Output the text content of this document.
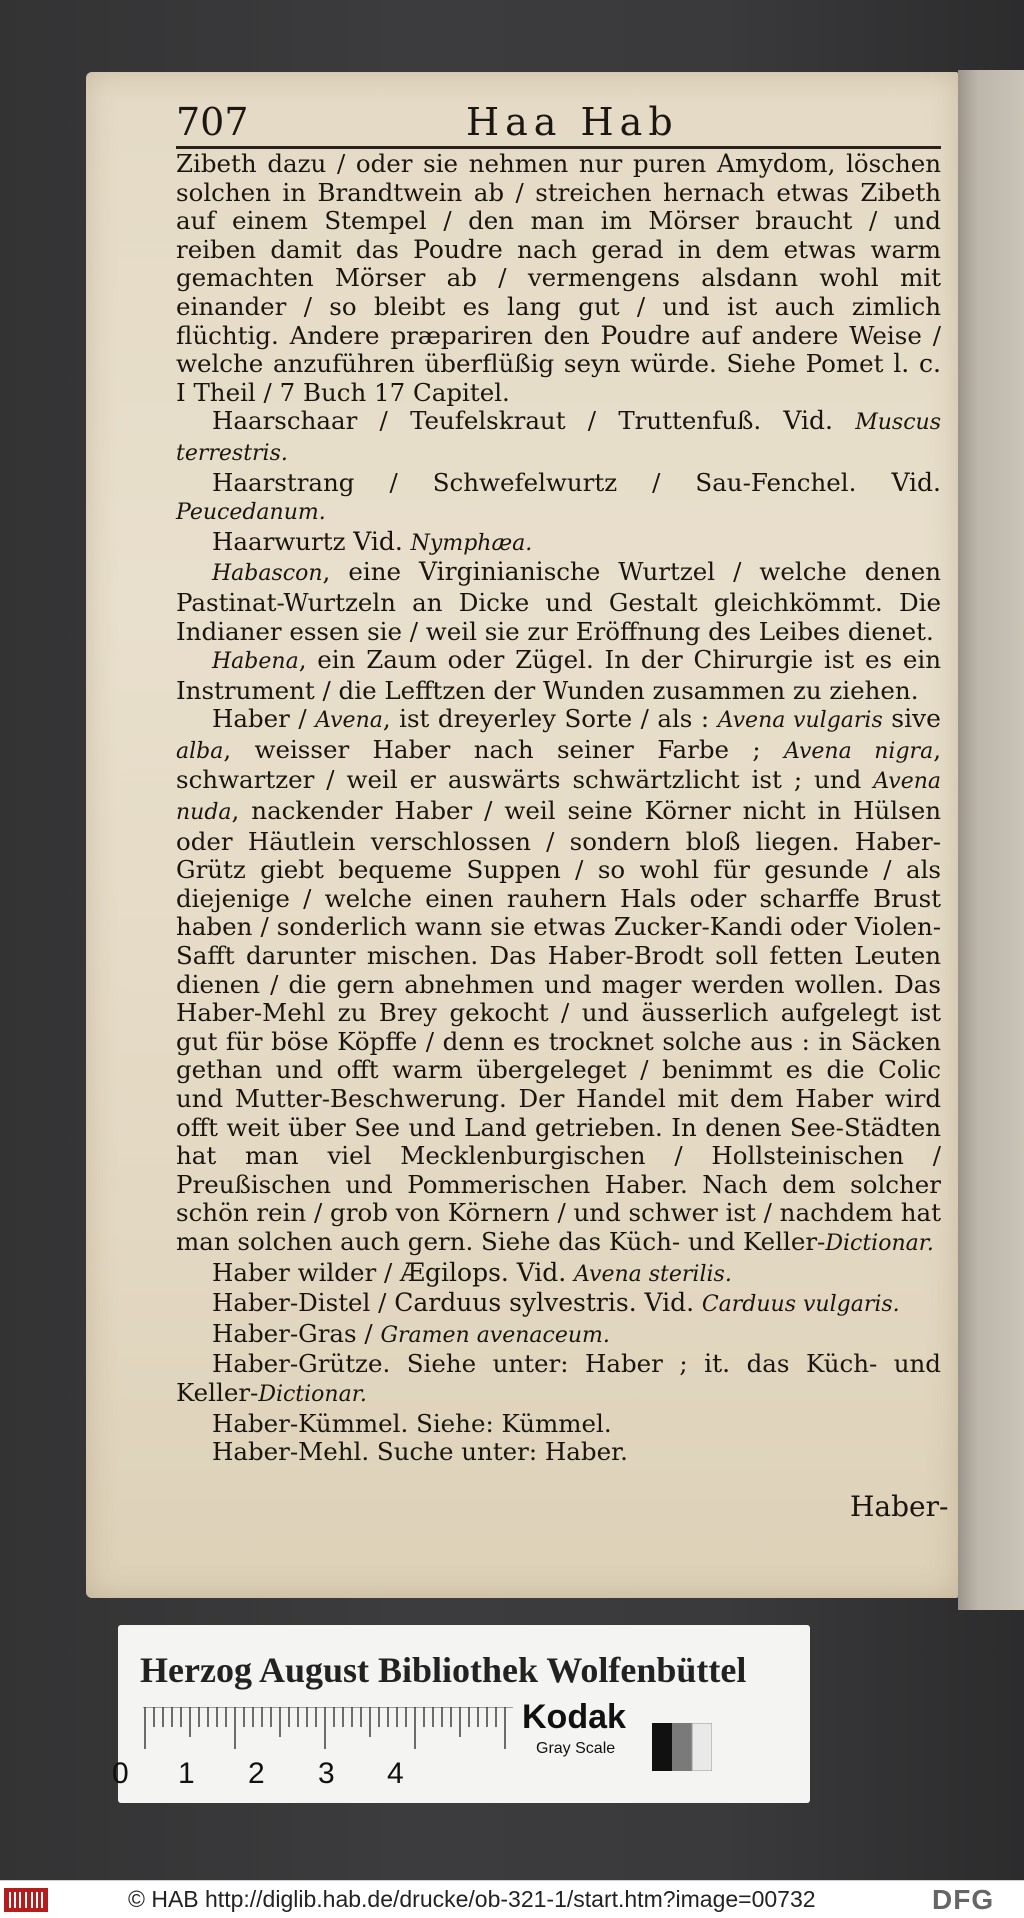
707	Haa Hab

Zibeth dazu / oder sie nehmen nur puren Amydom, löschen solchen in Brandtwein ab / streichen hernach etwas Zibeth auf einem Stempel / den man im Mörser braucht / und reiben damit das Poudre nach gerad in dem etwas warm gemachten Mörser ab / vermengens alsdann wohl mit einander / so bleibt es lang gut / und ist auch zimlich flüchtig. Andere præpariren den Poudre auf andere Weise / welche anzuführen überflüßig seyn würde. Siehe Pomet l. c. I Theil / 7 Buch 17 Capitel.

Haarschaar / Teufelskraut / Truttenfuß. Vid. Muscus terrestris.

Haarstrang / Schwefelwurtz / Sau-Fenchel. Vid. Peucedanum.

Haarwurtz Vid. Nymphæa.

Habascon, eine Virginianische Wurtzel / welche denen Pastinat-Wurtzeln an Dicke und Gestalt gleichkömmt. Die Indianer essen sie / weil sie zur Eröffnung des Leibes dienet.

Habena, ein Zaum oder Zügel. In der Chirurgie ist es ein Instrument / die Lefftzen der Wunden zusammen zu ziehen.

Haber / Avena, ist dreyerley Sorte / als : Avena vulgaris sive alba, weisser Haber nach seiner Farbe ; Avena nigra, schwartzer / weil er auswärts schwärtzlicht ist ; und Avena nuda, nackender Haber / weil seine Körner nicht in Hülsen oder Häutlein verschlossen / sondern bloß liegen. Haber-Grütz giebt bequeme Suppen / so wohl für gesunde / als diejenige / welche einen rauhern Hals oder scharffe Brust haben / sonderlich wann sie etwas Zucker-Kandi oder Violen-Safft darunter mischen. Das Haber-Brodt soll fetten Leuten dienen / die gern abnehmen und mager werden wollen. Das Haber-Mehl zu Brey gekocht / und äusserlich aufgelegt ist gut für böse Köpffe / denn es trocknet solche aus : in Säcken gethan und offt warm übergeleget / benimmt es die Colic und Mutter-Beschwerung. Der Handel mit dem Haber wird offt weit über See und Land getrieben. In denen See-Städten hat man viel Mecklenburgischen / Hollsteinischen / Preußischen und Pommerischen Haber. Nach dem solcher schön rein / grob von Körnern / und schwer ist / nachdem hat man solchen auch gern. Siehe das Küch- und Keller-Dictionar.

Haber wilder / Ægilops. Vid. Avena sterilis.

Haber-Distel / Carduus sylvestris. Vid. Carduus vulgaris.

Haber-Gras / Gramen avenaceum.

Haber-Grütze. Siehe unter: Haber ; it. das Küch- und Keller-Dictionar.

Haber-Kümmel. Siehe: Kümmel.

Haber-Mehl. Suche unter: Haber.

Haber‑
Herzog August Bibliothek Wolfenbüttel
0 1 2 3 4
Kodak
Gray Scale
© HAB http://diglib.hab.de/drucke/ob-321-1/start.htm?image=00732	DFG
